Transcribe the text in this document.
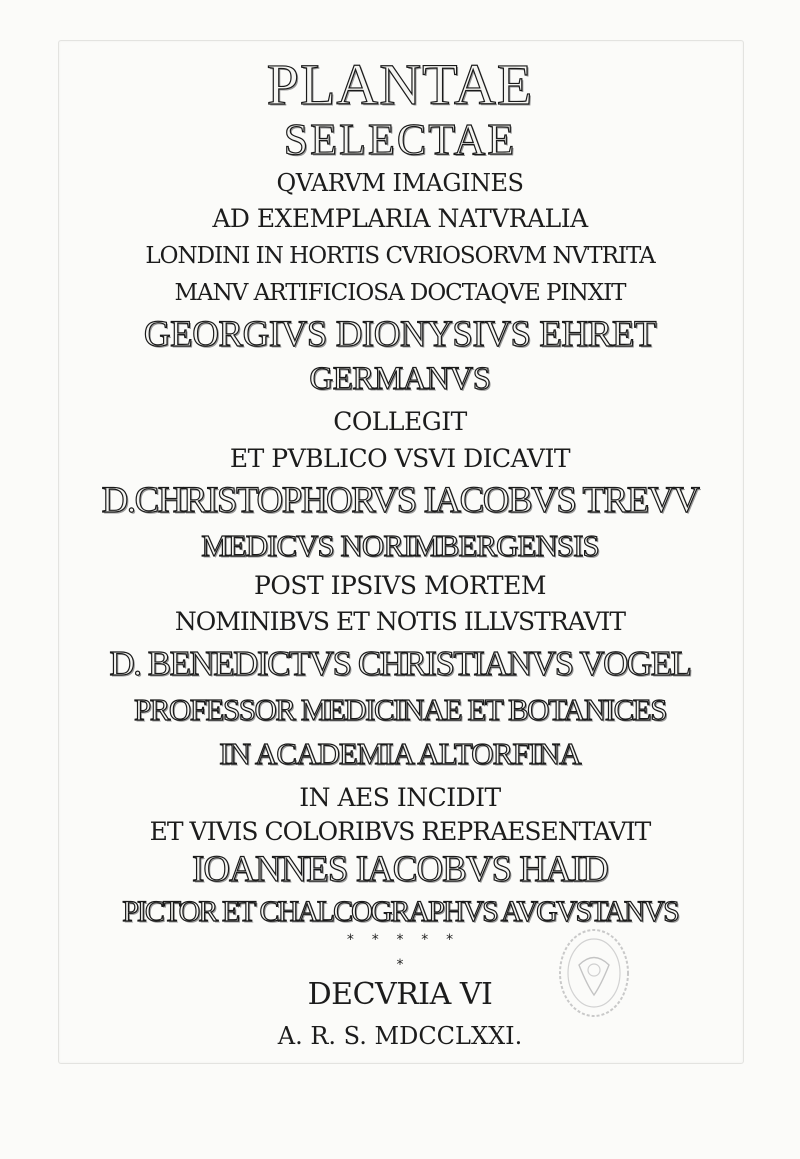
PLANTAE
SELECTAE
QVARVM IMAGINES
AD EXEMPLARIA NATVRALIA
LONDINI IN HORTIS CVRIOSORVM NVTRITA
MANV ARTIFICIOSA DOCTAQVE PINXIT
GEORGIVS DIONYSIVS EHRET
GERMANVS
COLLEGIT
ET PVBLICO VSVI DICAVIT
D.CHRISTOPHORVS IACOBVS TREVV
MEDICVS NORIMBERGENSIS
POST IPSIVS MORTEM
NOMINIBVS ET NOTIS ILLVSTRAVIT
D. BENEDICTVS CHRISTIANVS VOGEL
PROFESSOR MEDICINAE ET BOTANICES
IN ACADEMIA ALTORFINA
IN AES INCIDIT
ET VIVIS COLORIBVS REPRAESENTAVIT
IOANNES IACOBVS HAID
PICTOR ET CHALCOGRAPHVS AVGVSTANVS
*    *    *    *    *
*
DECVRIA VI
A. R. S. MDCCLXXI.
